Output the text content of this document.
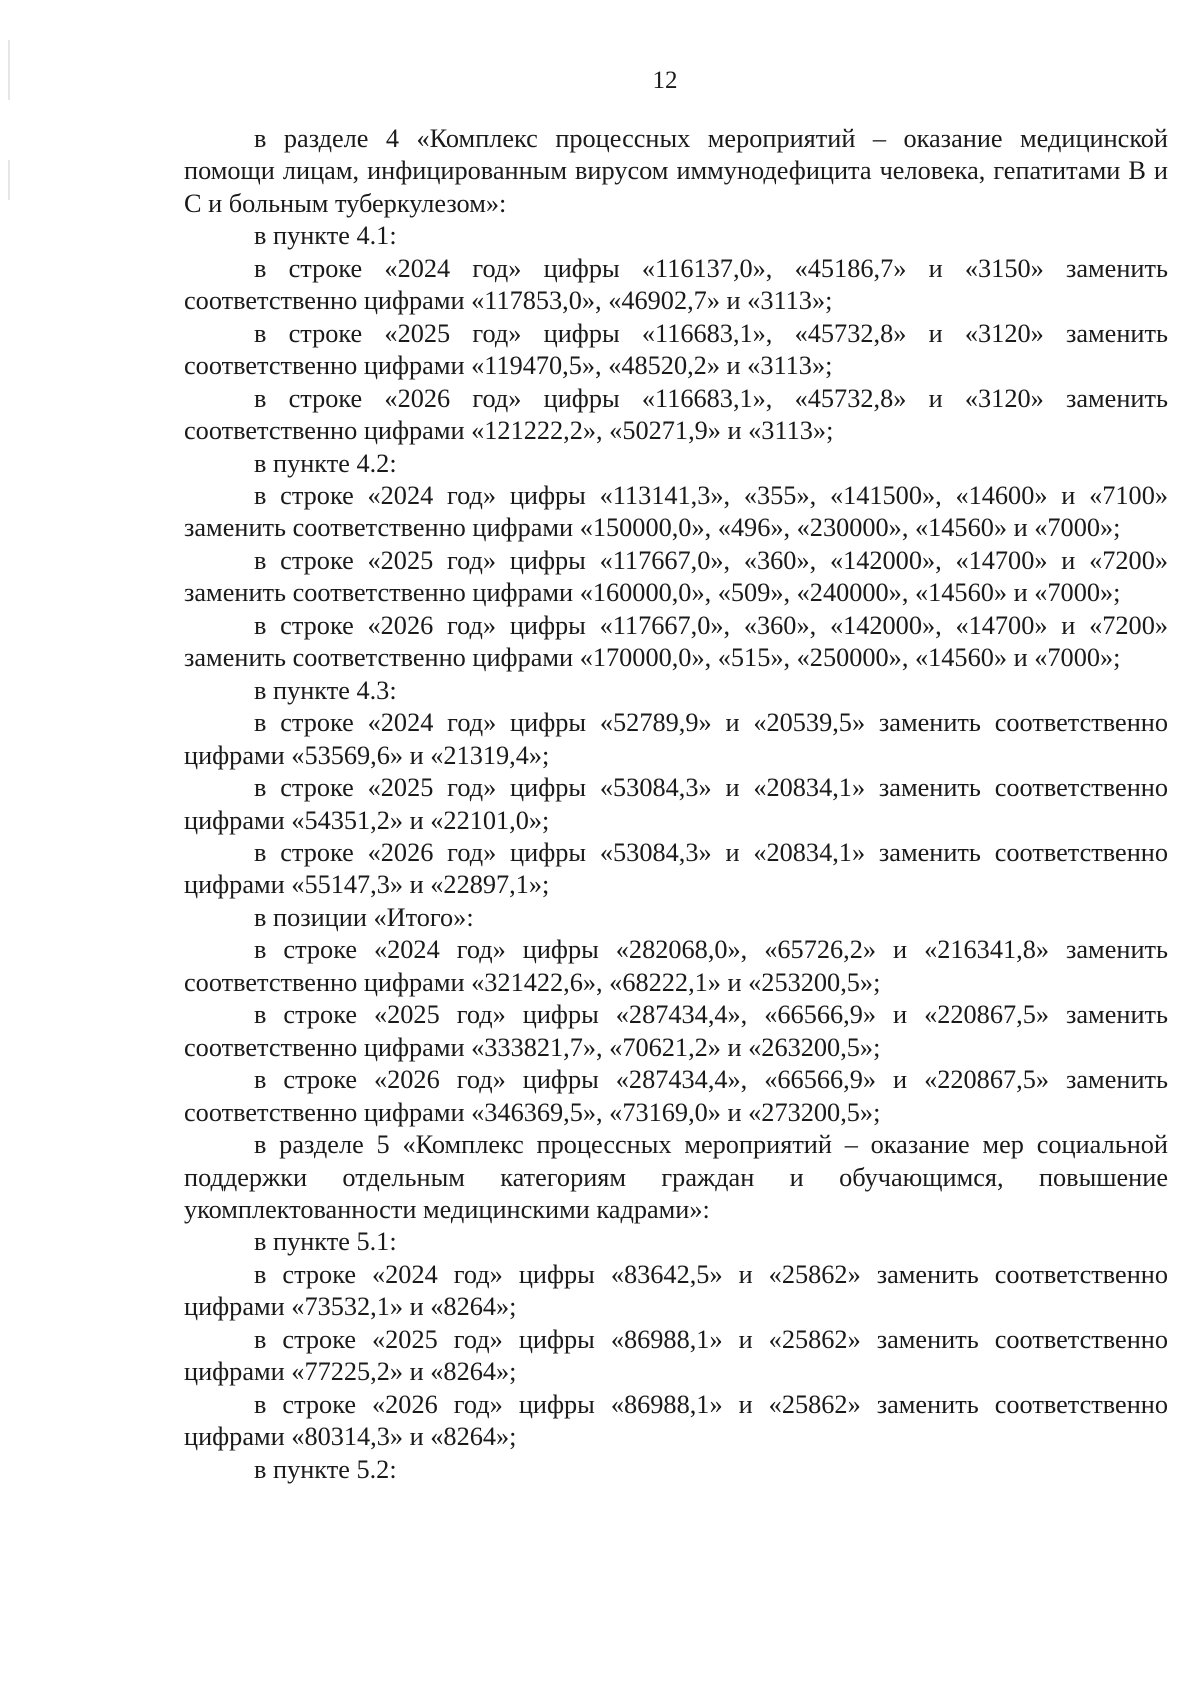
12

в разделе 4 «Комплекс процессных мероприятий – оказание медицинской помощи лицам, инфицированным вирусом иммунодефицита человека, гепатитами В и С и больным туберкулезом»:

в пункте 4.1:

в строке «2024 год» цифры «116137,0», «45186,7» и «3150» заменить соответственно цифрами «117853,0», «46902,7» и «3113»;

в строке «2025 год» цифры «116683,1», «45732,8» и «3120» заменить соответственно цифрами «119470,5», «48520,2» и «3113»;

в строке «2026 год» цифры «116683,1», «45732,8» и «3120» заменить соответственно цифрами «121222,2», «50271,9» и «3113»;

в пункте 4.2:

в строке «2024 год» цифры «113141,3», «355», «141500», «14600» и «7100» заменить соответственно цифрами «150000,0», «496», «230000», «14560» и «7000»;

в строке «2025 год» цифры «117667,0», «360», «142000», «14700» и «7200» заменить соответственно цифрами «160000,0», «509», «240000», «14560» и «7000»;

в строке «2026 год» цифры «117667,0», «360», «142000», «14700» и «7200» заменить соответственно цифрами «170000,0», «515», «250000», «14560» и «7000»;

в пункте 4.3:

в строке «2024 год» цифры «52789,9» и «20539,5» заменить соответственно цифрами «53569,6» и «21319,4»;

в строке «2025 год» цифры «53084,3» и «20834,1» заменить соответственно цифрами «54351,2» и «22101,0»;

в строке «2026 год» цифры «53084,3» и «20834,1» заменить соответственно цифрами «55147,3» и «22897,1»;

в позиции «Итого»:

в строке «2024 год» цифры «282068,0», «65726,2» и «216341,8» заменить соответственно цифрами «321422,6», «68222,1» и «253200,5»;

в строке «2025 год» цифры «287434,4», «66566,9» и «220867,5» заменить соответственно цифрами «333821,7», «70621,2» и «263200,5»;

в строке «2026 год» цифры «287434,4», «66566,9» и «220867,5» заменить соответственно цифрами «346369,5», «73169,0» и «273200,5»;

в разделе 5 «Комплекс процессных мероприятий – оказание мер социальной поддержки отдельным категориям граждан и обучающимся, повышение укомплектованности медицинскими кадрами»:

в пункте 5.1:

в строке «2024 год» цифры «83642,5» и «25862» заменить соответственно цифрами «73532,1» и «8264»;

в строке «2025 год» цифры «86988,1» и «25862» заменить соответственно цифрами «77225,2» и «8264»;

в строке «2026 год» цифры «86988,1» и «25862» заменить соответственно цифрами «80314,3» и «8264»;

в пункте 5.2:
